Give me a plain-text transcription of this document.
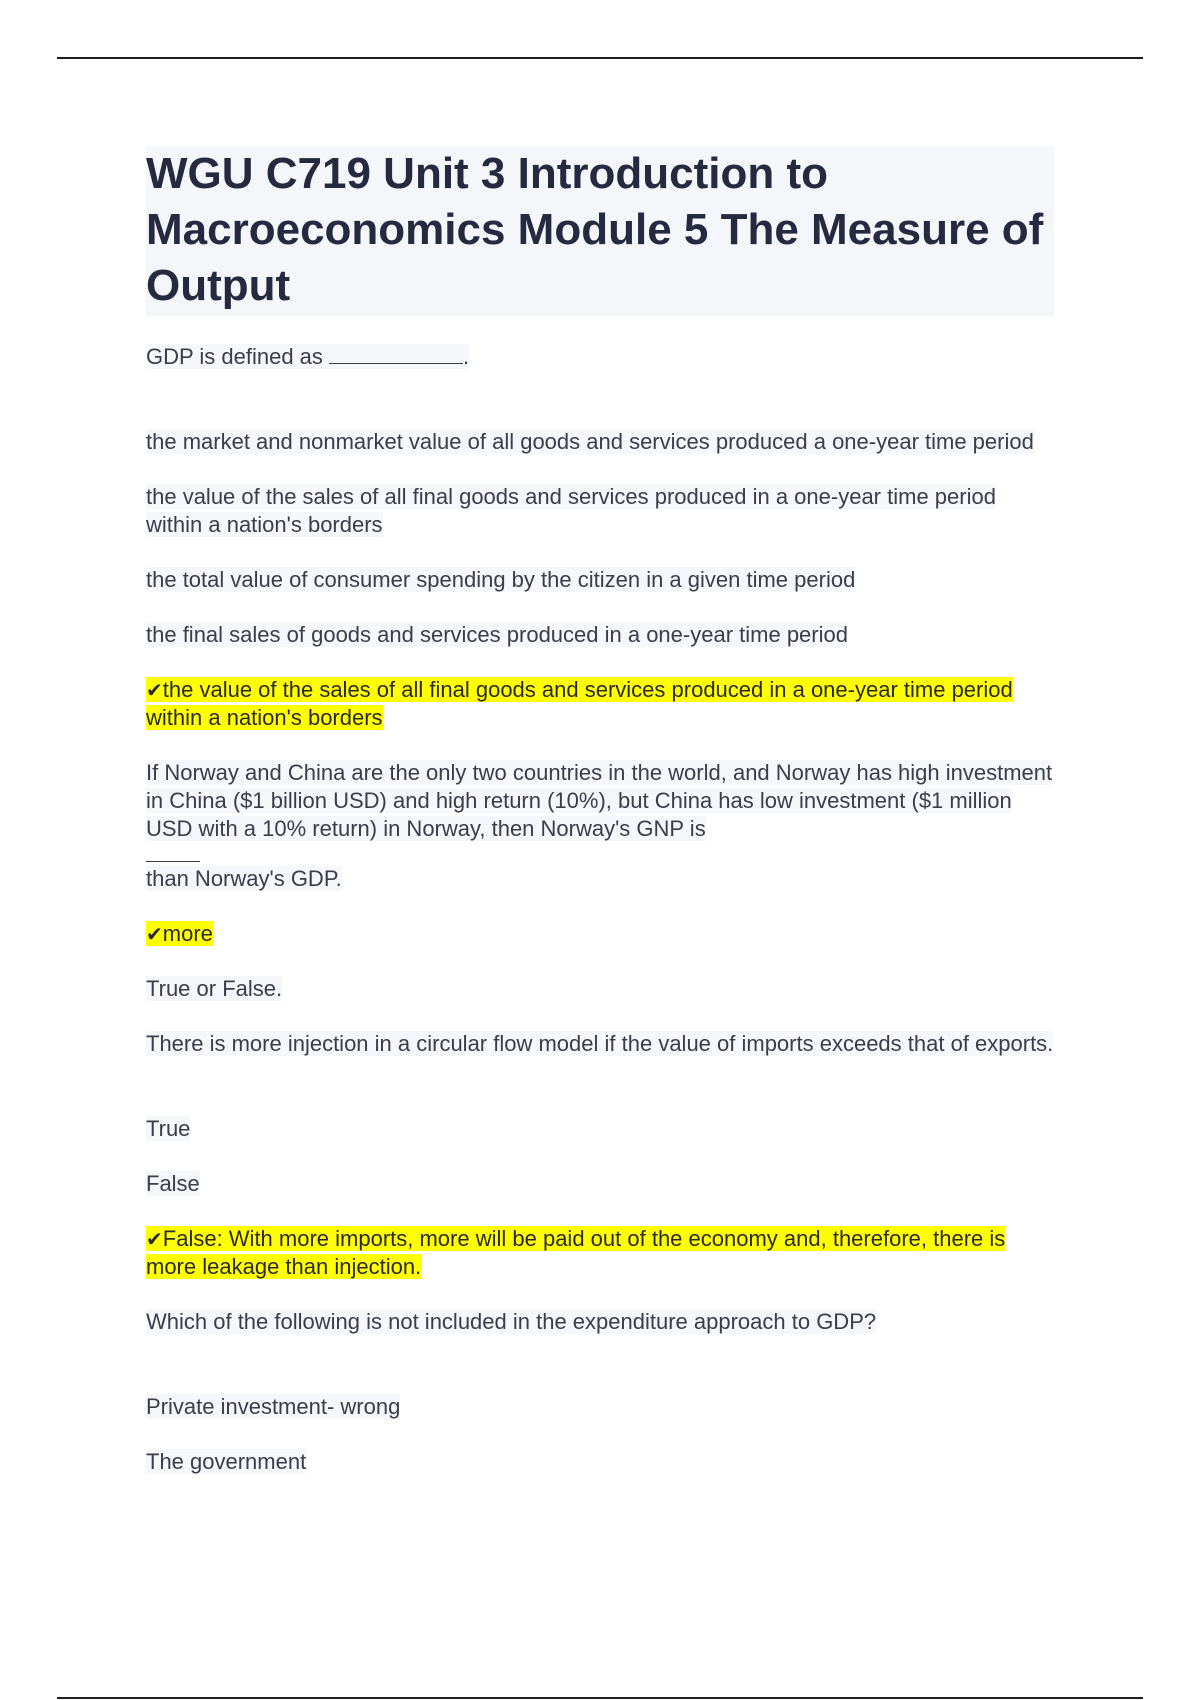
WGU C719 Unit 3 Introduction to Macroeconomics Module 5 The Measure of Output

GDP is defined as	.

the market and nonmarket value of all goods and services produced a one-year time period

the value of the sales of all final goods and services produced in a one-year time period within a nation's borders

the total value of consumer spending by the citizen in a given time period

the final sales of goods and services produced in a one-year time period

✔the value of the sales of all final goods and services produced in a one-year time period within a nation's borders

If Norway and China are the only two countries in the world, and Norway has high investment in China ($1 billion USD) and high return (10%), but China has low investment ($1 million USD with a 10% return) in Norway, then Norway's GNP is

than Norway's GDP.

✔more

True or False.

There is more injection in a circular flow model if the value of imports exceeds that of exports.

True

False

✔False: With more imports, more will be paid out of the economy and, therefore, there is more leakage than injection.

Which of the following is not included in the expenditure approach to GDP?

Private investment- wrong

The government
